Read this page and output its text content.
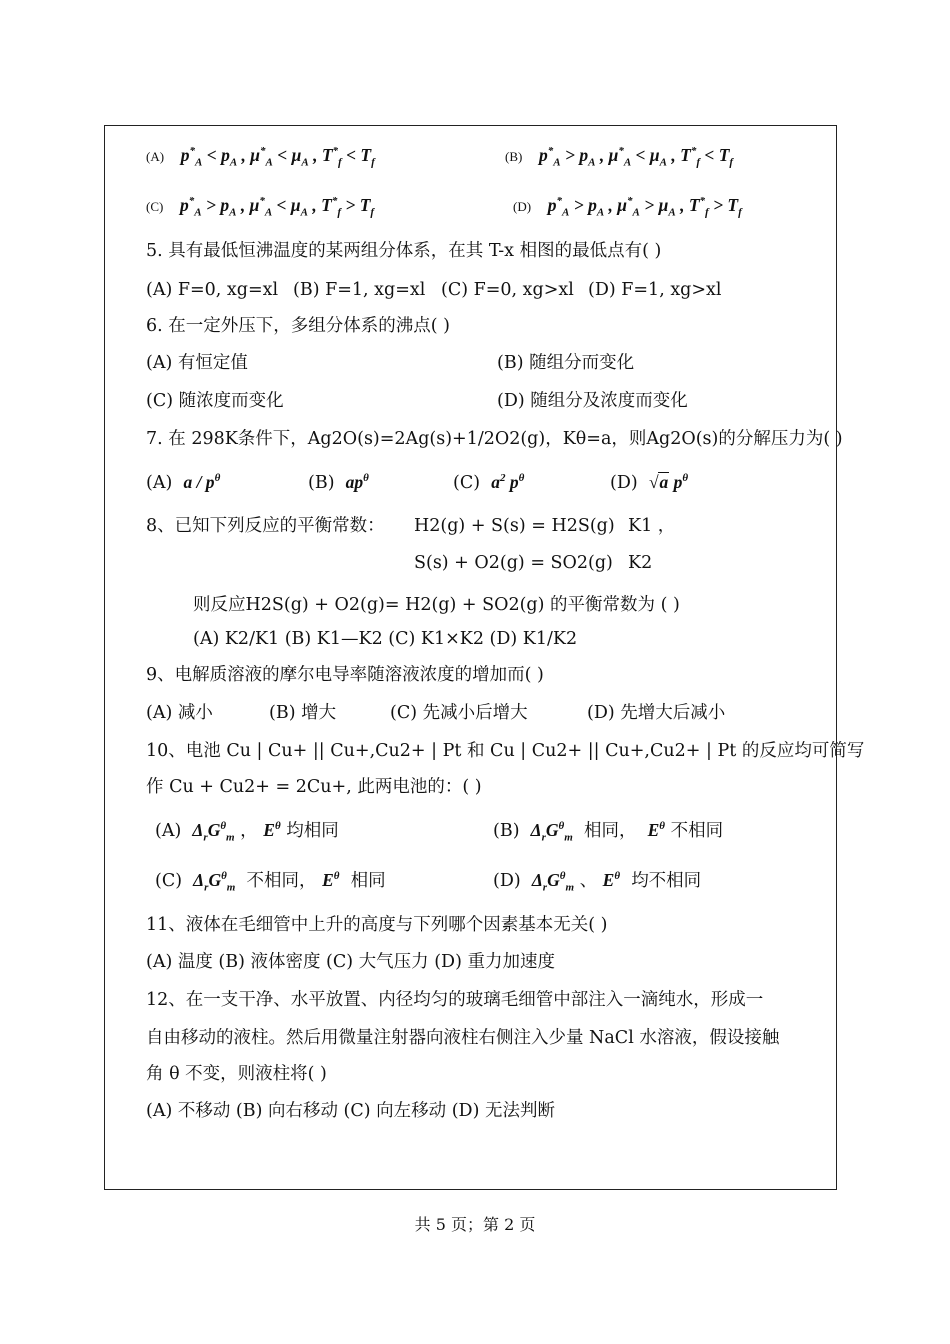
(A) $p^*_A < p_A$ , $\mu^*_A < \mu_A$ , $T^*_f < T_f$	(B) $p^*_A > p_A$ , $\mu^*_A < \mu_A$ , $T^*_f < T_f$
(C) $p^*_A > p_A$ , $\mu^*_A < \mu_A$ , $T^*_f > T_f$	(D) $p^*_A > p_A$ , $\mu^*_A > \mu_A$ , $T^*_f > T_f$
5. 具有最低恒沸温度的某两组分体系，在其 T-x 相图的最低点有( )
(A) F=0, xg=xl (B) F=1, xg=xl (C) F=0, xg>xl (D) F=1, xg>xl
6. 在一定外压下，多组分体系的沸点( )
(A) 有恒定值	(B) 随组分而变化
(C) 随浓度而变化	(D) 随组分及浓度而变化
7. 在 298K条件下，Ag2O(s)=2Ag(s)+1/2O2(g)，Kθ=a，则Ag2O(s)的分解压力为( )
(A) a / $p^\theta$	(B) $ap^\theta$	(C) $a^2$ $p^\theta$	(D) √a $p^\theta$
8、已知下列反应的平衡常数： H2(g) + S(s) = H2S(g) K1 ，
S(s) + O2(g) = SO2(g) K2
则反应H2S(g) + O2(g)= H2(g) + SO2(g) 的平衡常数为 ( )
(A) K2/K1 (B) K1—K2 (C) K1×K2 (D) K1/K2
9、电解质溶液的摩尔电导率随溶液浓度的增加而( )
(A) 减小	(B) 增大	(C) 先减小后增大	(D) 先增大后减小
10、电池 Cu | Cu+ || Cu+,Cu2+ | Pt 和 Cu | Cu2+ || Cu+,Cu2+ | Pt 的反应均可简写
作 Cu + Cu2+ = 2Cu+, 此两电池的：( )
(A)  $\Delta_rG^\theta_m$ ， $E^\theta$ 均相同	(B)  $\Delta_rG^\theta_m$ 相同， $E^\theta$ 不相同
(C)  $\Delta_rG^\theta_m$ 不相同， $E^\theta$ 相同	(D)  $\Delta_rG^\theta_m$ 、 $E^\theta$ 均不相同
11、液体在毛细管中上升的高度与下列哪个因素基本无关( )
(A) 温度 (B) 液体密度 (C) 大气压力 (D) 重力加速度
12、在一支干净、水平放置、内径均匀的玻璃毛细管中部注入一滴纯水，形成一
自由移动的液柱。然后用微量注射器向液柱右侧注入少量 NaCl 水溶液，假设接触
角 θ 不变，则液柱将( )
(A) 不移动 (B) 向右移动 (C) 向左移动 (D) 无法判断
共 5 页；第 2 页
